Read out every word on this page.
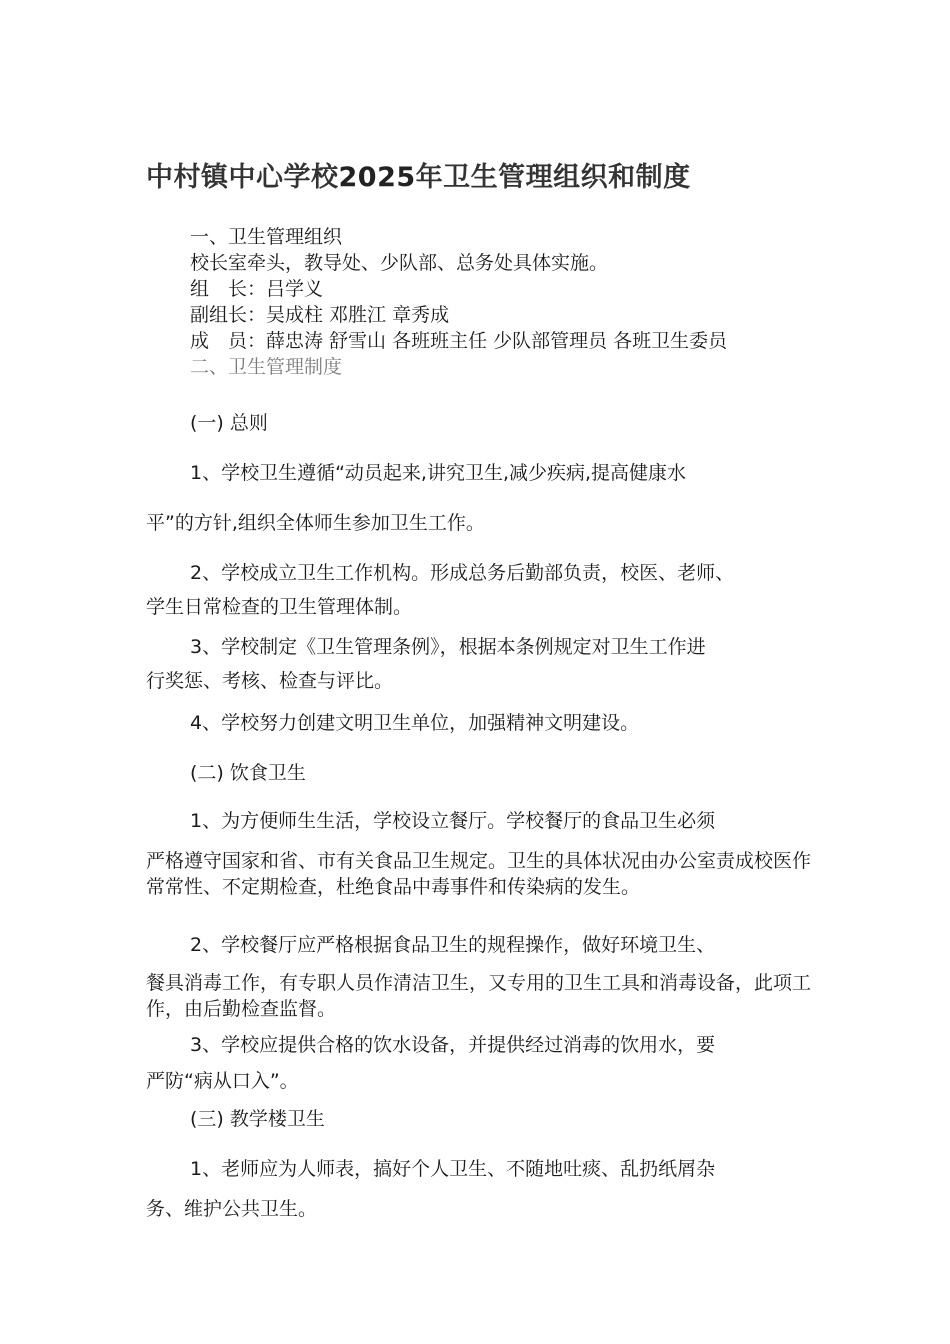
中村镇中心学校2025年卫生管理组织和制度
一、卫生管理组织
校长室牵头，教导处、少队部、总务处具体实施。
组　长： 吕学义
副组长： 吴成柱 邓胜江 章秀成
成　员： 薛忠涛 舒雪山 各班班主任 少队部管理员 各班卫生委员
二、卫生管理制度
(一) 总则
1、学校卫生遵循“动员起来,讲究卫生,减少疾病,提高健康水
平”的方针,组织全体师生参加卫生工作。
2、学校成立卫生工作机构。形成总务后勤部负责，校医、老师、
学生日常检查的卫生管理体制。
3、学校制定《卫生管理条例》，根据本条例规定对卫生工作进
行奖惩、考核、检查与评比。
4、学校努力创建文明卫生单位，加强精神文明建设。
(二) 饮食卫生
1、为方便师生生活，学校设立餐厅。学校餐厅的食品卫生必须
严格遵守国家和省、市有关食品卫生规定。卫生的具体状况由办公室责成校医作常常性、不定期检查，杜绝食品中毒事件和传染病的发生。
2、学校餐厅应严格根据食品卫生的规程操作，做好环境卫生、
餐具消毒工作，有专职人员作清洁卫生，又专用的卫生工具和消毒设备，此项工作，由后勤检查监督。
3、学校应提供合格的饮水设备，并提供经过消毒的饮用水，要
严防“病从口入”。
(三) 教学楼卫生
1、老师应为人师表，搞好个人卫生、不随地吐痰、乱扔纸屑杂
务、维护公共卫生。
